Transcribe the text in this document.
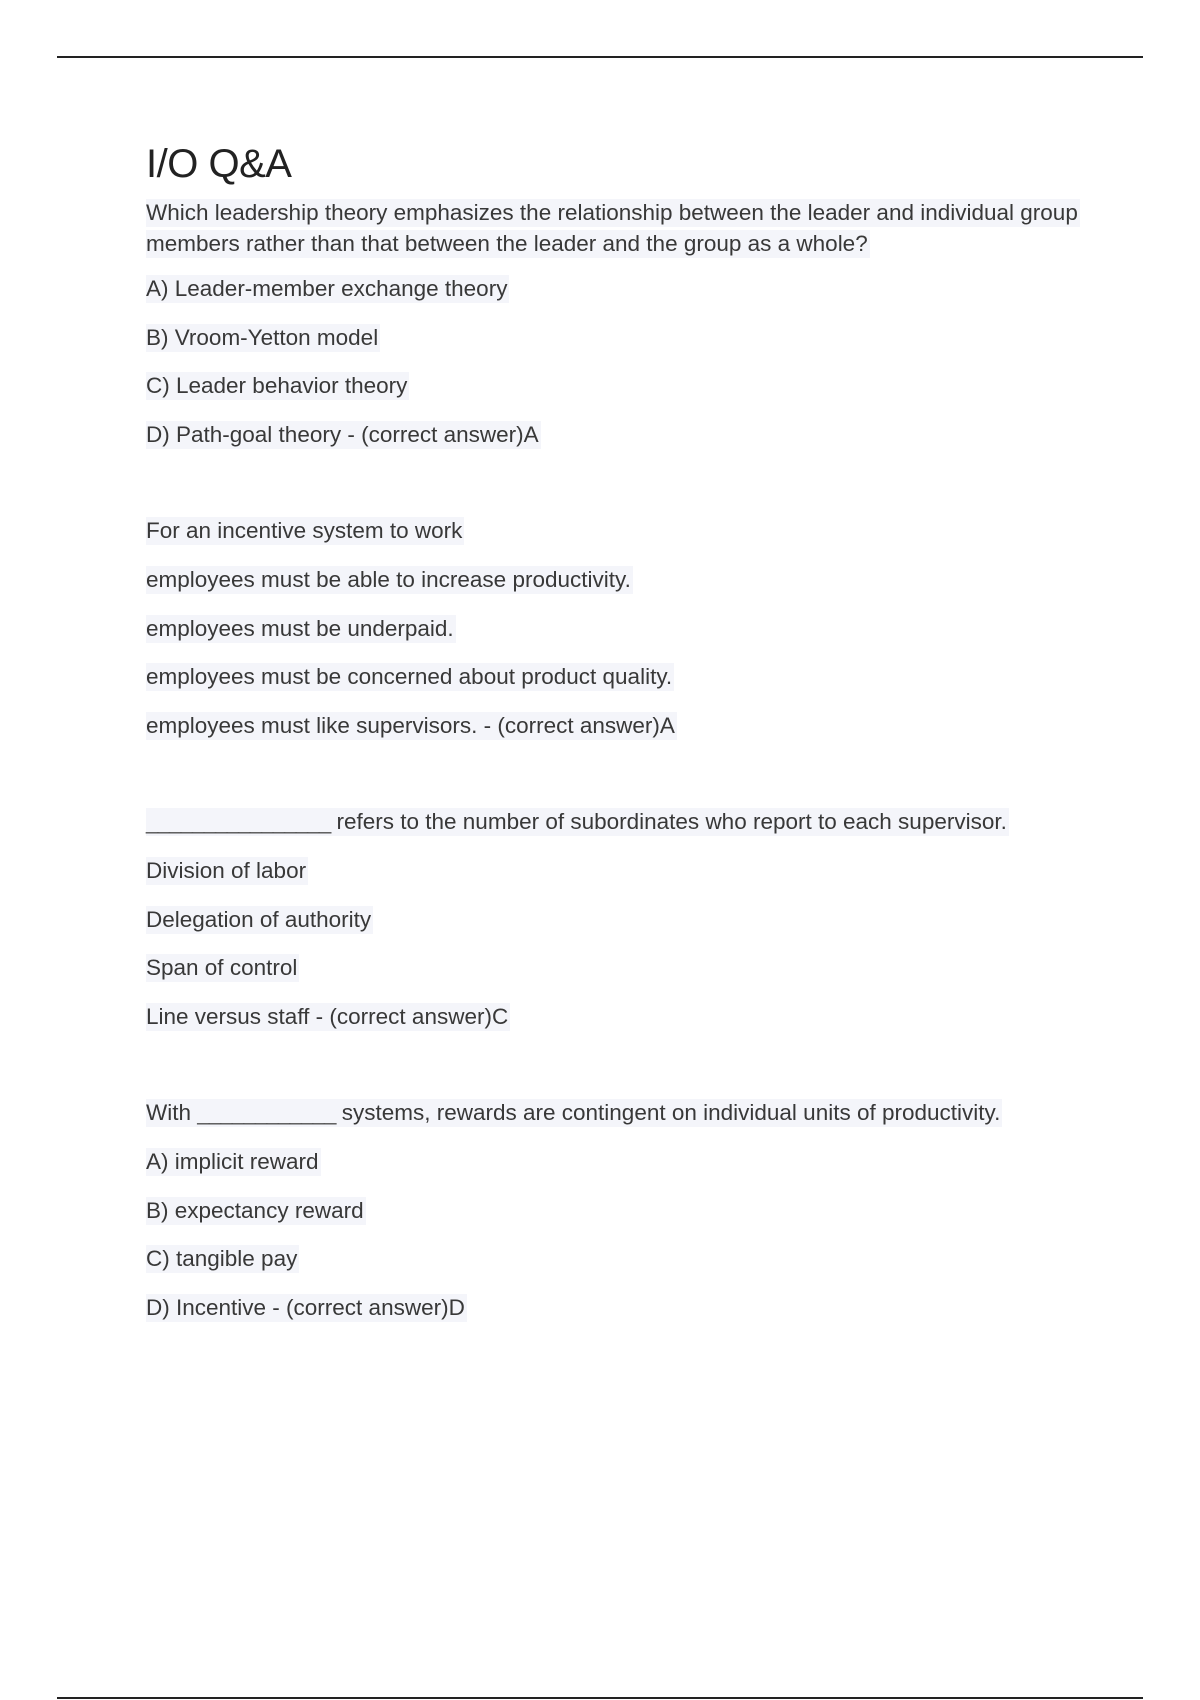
I/O Q&A

Which leadership theory emphasizes the relationship between the leader and individual group members rather than that between the leader and the group as a whole?

A) Leader-member exchange theory

B) Vroom-Yetton model

C) Leader behavior theory

D) Path-goal theory - (correct answer)A

For an incentive system to work

employees must be able to increase productivity.

employees must be underpaid.

employees must be concerned about product quality.

employees must like supervisors. - (correct answer)A

________________ refers to the number of subordinates who report to each supervisor.

Division of labor

Delegation of authority

Span of control

Line versus staff - (correct answer)C

With ____________ systems, rewards are contingent on individual units of productivity.

A) implicit reward

B) expectancy reward

C) tangible pay

D) Incentive - (correct answer)D
